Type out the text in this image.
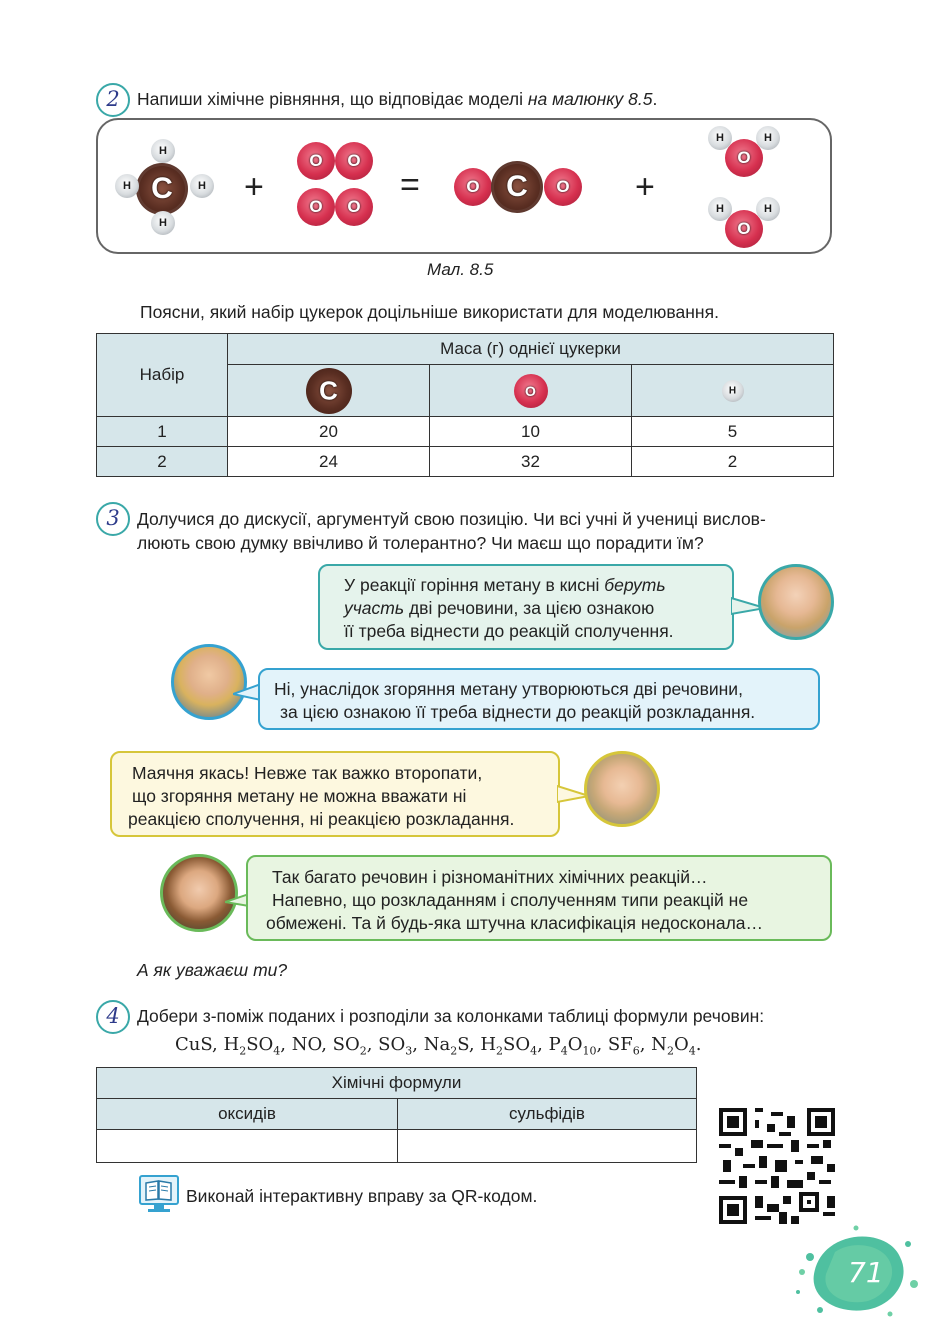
2 Напиши хімічне рівняння, що відповідає моделі на малюнку 8.5.
C
H
H
H	H +
O	O
O	O
=	O C	O	+
O
H	H
O
H	H
Мал. 8.5
Поясни, який набір цукерок доцільніше використати для моделювання.
Набір	Маса (г) однієї цукерки		

	C	O	H

1	20	10	5
2	24	32	2
3 Долучися до дискусії, аргументуй свою позицію. Чи всі учні й учениці вислов-
люють свою думку ввічливо й толерантно? Чи маєш що порадити їм?
У реакції горіння метану в кисні беруть
участь дві речовини, за цією ознакою
її треба віднести до реакцій сполучення.
Ні, унаслідок згоряння метану утворюються дві речовини,
за цією ознакою її треба віднести до реакцій розкладання.
Маячня якась! Невже так важко второпати,
що згоряння метану не можна вважати ні
реакцією сполучення, ні реакцією розкладання.
Так багато речовин і різноманітних хімічних реакцій…
Напевно, що розкладанням і сполученням типи реакцій не
обмежені. Та й будь-яка штучна класифікація недосконала…
А як уважаєш ти?
4 Добери з-поміж поданих і розподіли за колонками таблиці формули речовин:
CuS, $H_2SO_4$, NO, $SO_2$, $SO_3$, $Na_2S$, $H_2SO_4$, $P_4O_{10}$, $SF_6$, $N_2O_4$.
Хімічні формули	
оксидів	сульфідів

Виконай інтерактивну вправу за QR-кодом.
71
